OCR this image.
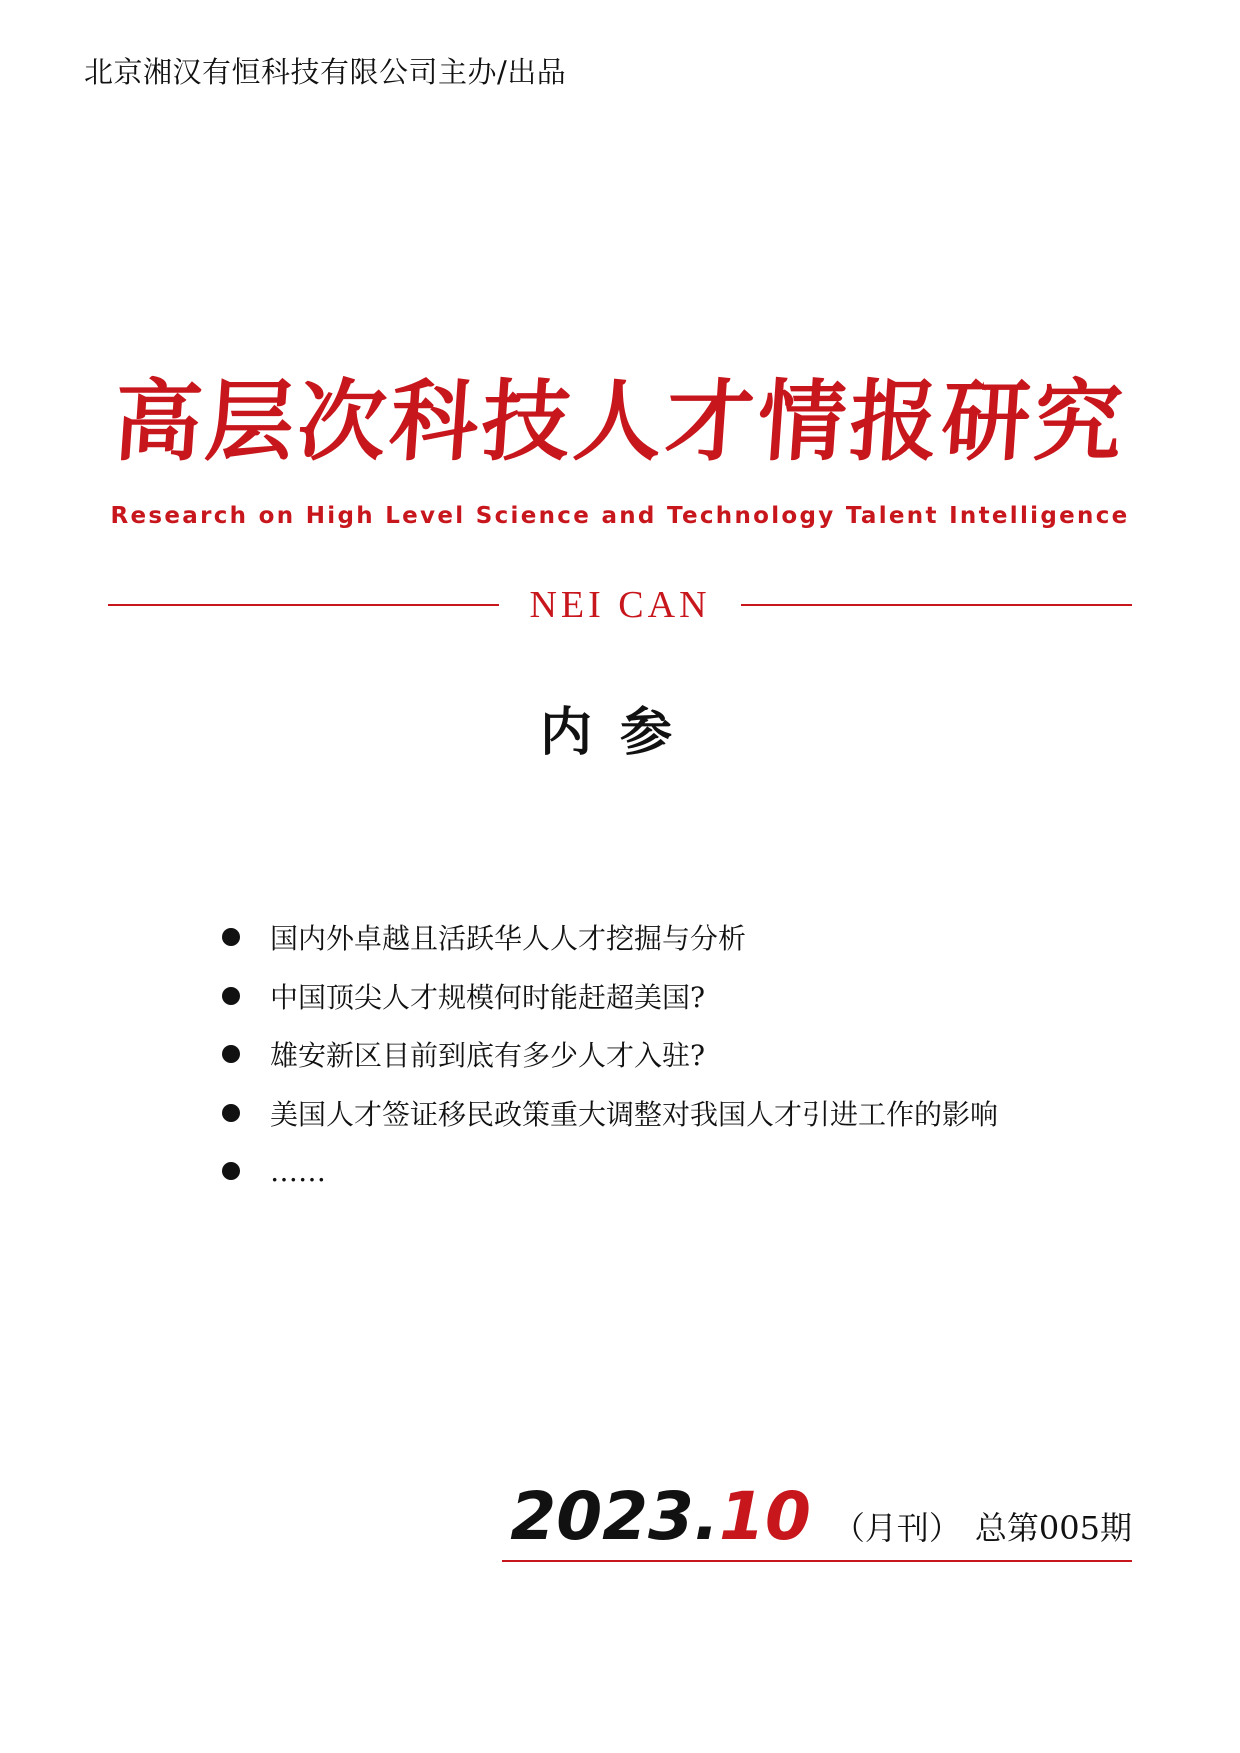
北京湘汉有恒科技有限公司主办/出品
高层次科技人才情报研究
Research on High Level Science and Technology Talent Intelligence
NEI CAN
内参
国内外卓越且活跃华人人才挖掘与分析
中国顶尖人才规模何时能赶超美国?
雄安新区目前到底有多少人才入驻?
美国人才签证移民政策重大调整对我国人才引进工作的影响
……
2023. 10 （月刊） 总第005期
